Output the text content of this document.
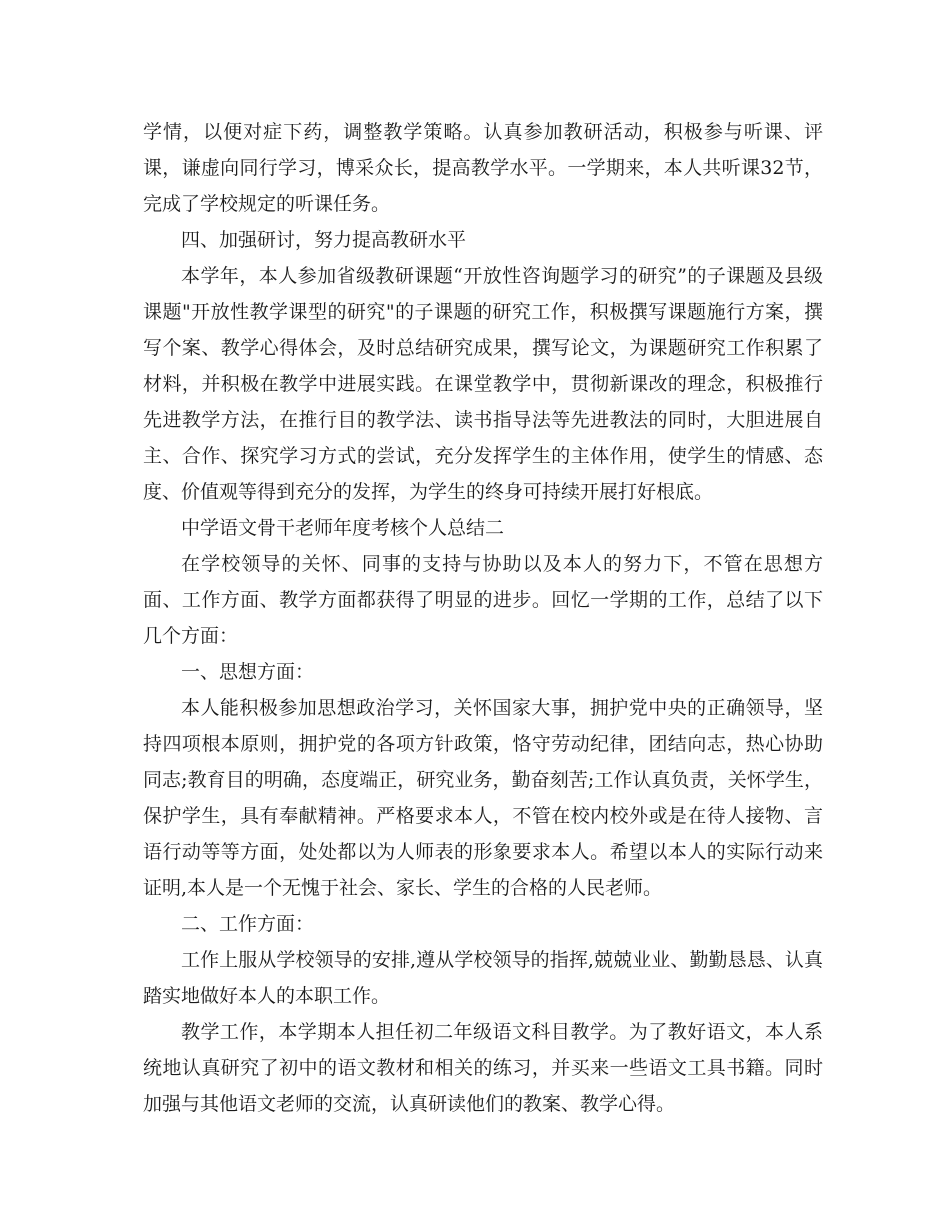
学情，以便对症下药，调整教学策略。认真参加教研活动，积极参与听课、评课，谦虚向同行学习，博采众长，提高教学水平。一学期来，本人共听课32节，完成了学校规定的听课任务。

四、加强研讨，努力提高教研水平

本学年，本人参加省级教研课题“开放性咨询题学习的研究”的子课题及县级课题"开放性教学课型的研究"的子课题的研究工作，积极撰写课题施行方案，撰写个案、教学心得体会，及时总结研究成果，撰写论文，为课题研究工作积累了材料，并积极在教学中进展实践。在课堂教学中，贯彻新课改的理念，积极推行先进教学方法，在推行目的教学法、读书指导法等先进教法的同时，大胆进展自主、合作、探究学习方式的尝试，充分发挥学生的主体作用，使学生的情感、态度、价值观等得到充分的发挥，为学生的终身可持续开展打好根底。

中学语文骨干老师年度考核个人总结二

在学校领导的关怀、同事的支持与协助以及本人的努力下，不管在思想方面、工作方面、教学方面都获得了明显的进步。回忆一学期的工作，总结了以下几个方面：

一、思想方面：

本人能积极参加思想政治学习，关怀国家大事，拥护党中央的正确领导，坚持四项根本原则，拥护党的各项方针政策，恪守劳动纪律，团结向志，热心协助同志;教育目的明确，态度端正，研究业务，勤奋刻苦;工作认真负责，关怀学生，保护学生，具有奉献精神。严格要求本人，不管在校内校外或是在待人接物、言语行动等等方面，处处都以为人师表的形象要求本人。希望以本人的实际行动来证明,本人是一个无愧于社会、家长、学生的合格的人民老师。

二、工作方面：

工作上服从学校领导的安排,遵从学校领导的指挥,兢兢业业、勤勤恳恳、认真踏实地做好本人的本职工作。

教学工作，本学期本人担任初二年级语文科目教学。为了教好语文，本人系统地认真研究了初中的语文教材和相关的练习，并买来一些语文工具书籍。同时加强与其他语文老师的交流，认真研读他们的教案、教学心得。
